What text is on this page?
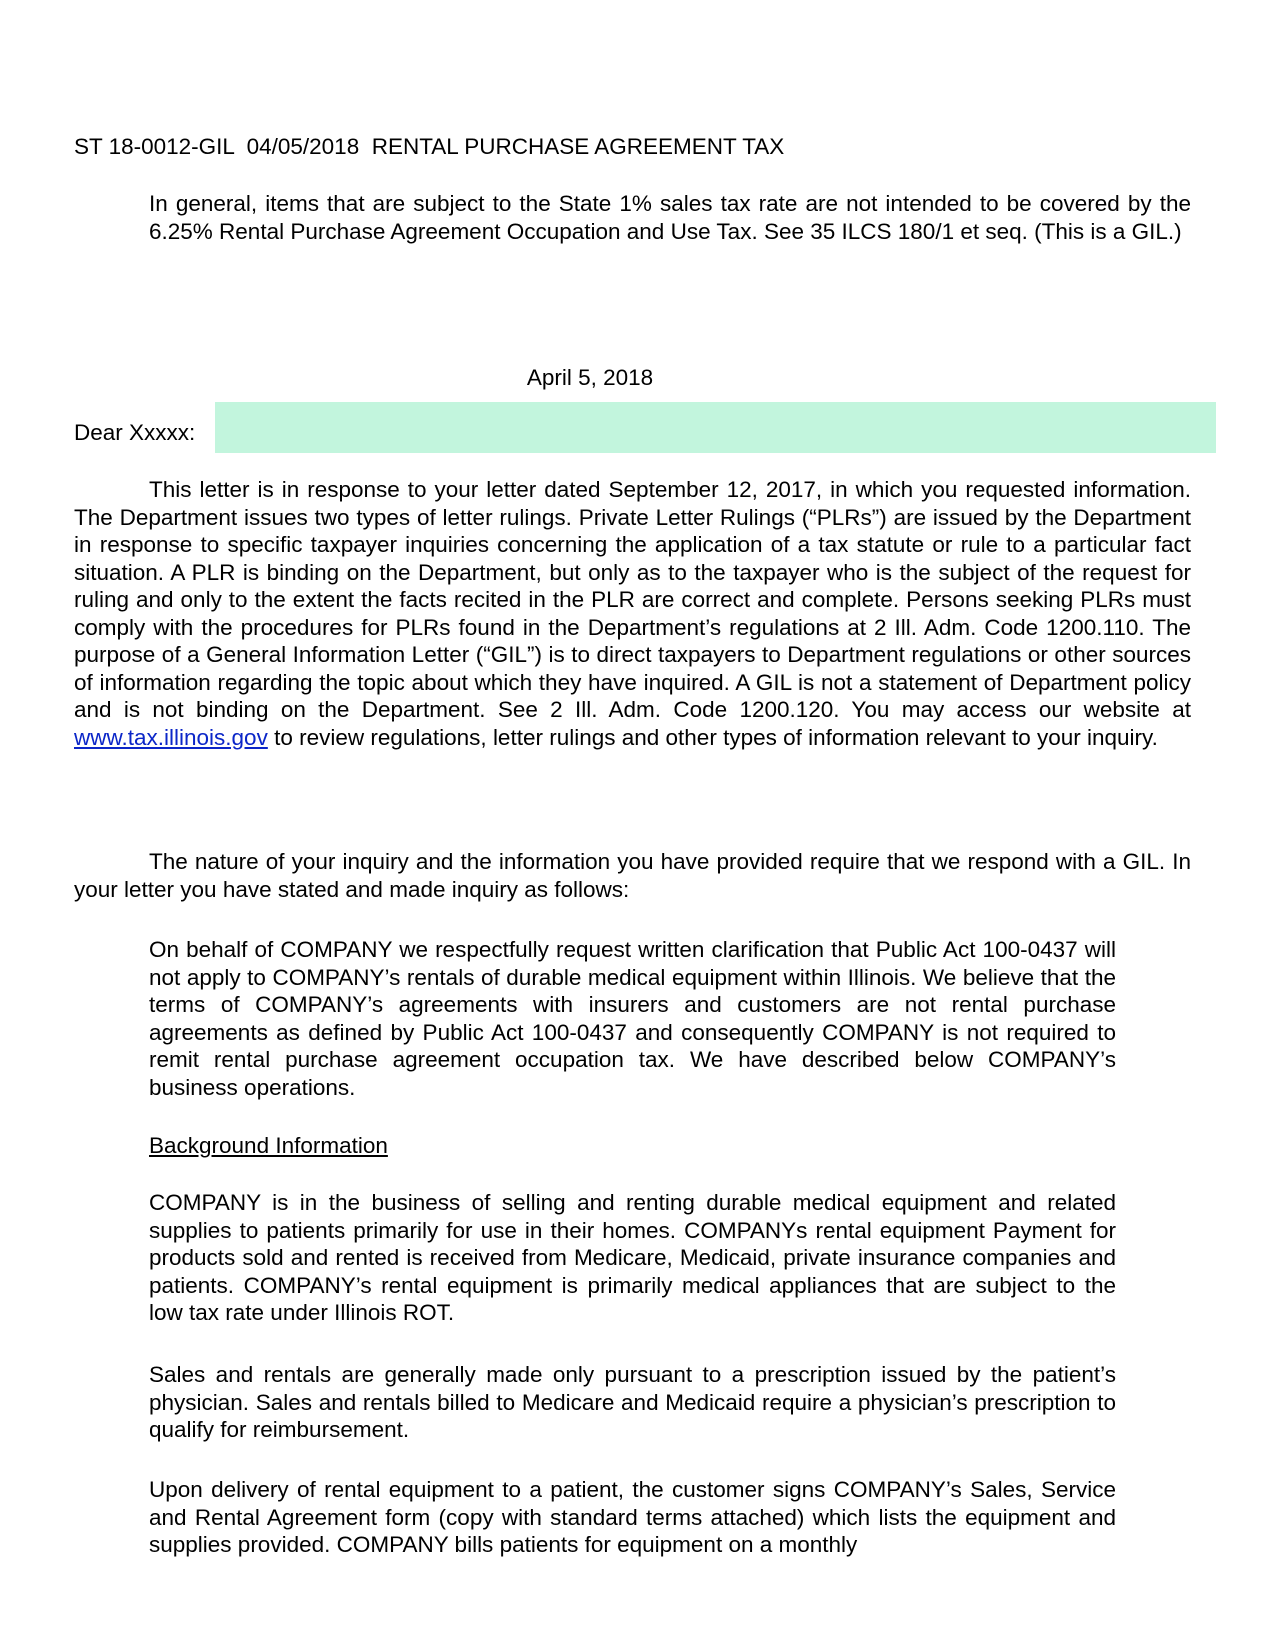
ST 18-0012-GIL  04/05/2018  RENTAL PURCHASE AGREEMENT TAX

In general, items that are subject to the State 1% sales tax rate are not intended to be covered by the 6.25% Rental Purchase Agreement Occupation and Use Tax. See 35 ILCS 180/1 et seq. (This is a GIL.)

April 5, 2018
Dear Xxxxx:

This letter is in response to your letter dated September 12, 2017, in which you requested information. The Department issues two types of letter rulings. Private Letter Rulings (“PLRs”) are issued by the Department in response to specific taxpayer inquiries concerning the application of a tax statute or rule to a particular fact situation. A PLR is binding on the Department, but only as to the taxpayer who is the subject of the request for ruling and only to the extent the facts recited in the PLR are correct and complete. Persons seeking PLRs must comply with the procedures for PLRs found in the Department’s regulations at 2 Ill. Adm. Code 1200.110. The purpose of a General Information Letter (“GIL”) is to direct taxpayers to Department regulations or other sources of information regarding the topic about which they have inquired. A GIL is not a statement of Department policy and is not binding on the Department. See 2 Ill. Adm. Code 1200.120. You may access our website at www.tax.illinois.gov to review regulations, letter rulings and other types of information relevant to your inquiry.

The nature of your inquiry and the information you have provided require that we respond with a GIL. In your letter you have stated and made inquiry as follows:

On behalf of COMPANY we respectfully request written clarification that Public Act 100-0437 will not apply to COMPANY’s rentals of durable medical equipment within Illinois. We believe that the terms of COMPANY’s agreements with insurers and customers are not rental purchase agreements as defined by Public Act 100-0437 and consequently COMPANY is not required to remit rental purchase agreement occupation tax. We have described below COMPANY’s business operations.

Background Information

COMPANY is in the business of selling and renting durable medical equipment and related supplies to patients primarily for use in their homes. COMPANYs rental equipment Payment for products sold and rented is received from Medicare, Medicaid, private insurance companies and patients. COMPANY’s rental equipment is primarily medical appliances that are subject to the low tax rate under Illinois ROT.

Sales and rentals are generally made only pursuant to a prescription issued by the patient’s physician. Sales and rentals billed to Medicare and Medicaid require a physician’s prescription to qualify for reimbursement.

Upon delivery of rental equipment to a patient, the customer signs COMPANY’s Sales, Service and Rental Agreement form (copy with standard terms attached) which lists the equipment and supplies provided. COMPANY bills patients for equipment on a monthly
